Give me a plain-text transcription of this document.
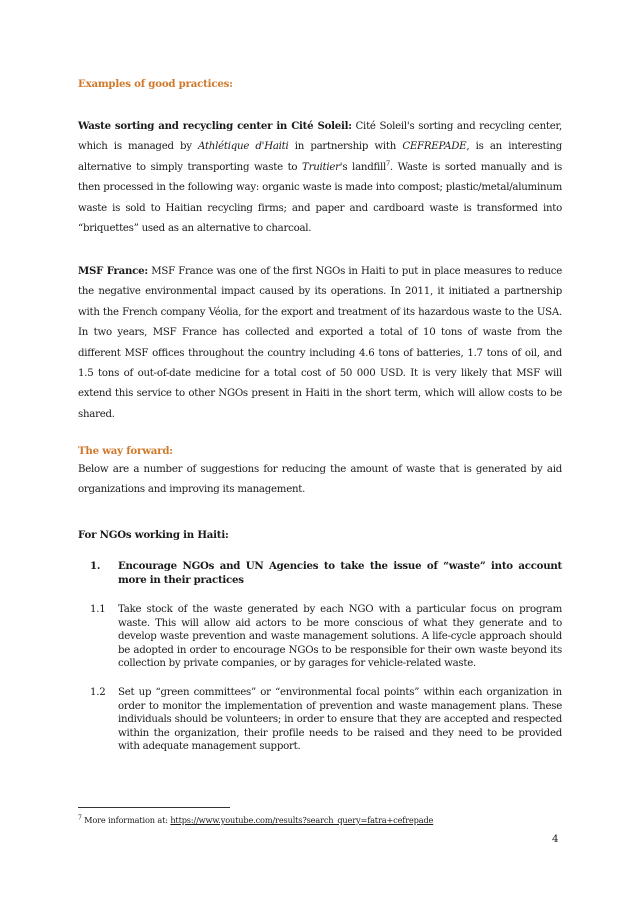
Examples of good practices:

Waste sorting and recycling center in Cité Soleil: Cité Soleil's sorting and recycling center, which is managed by Athlétique d'Haiti in partnership with CEFREPADE, is an interesting alternative to simply transporting waste to Truitier's landfill$^7$. Waste is sorted manually and is then processed in the following way: organic waste is made into compost; plastic/metal/aluminum waste is sold to Haitian recycling firms; and paper and cardboard waste is transformed into “briquettes” used as an alternative to charcoal.

MSF France: MSF France was one of the first NGOs in Haiti to put in place measures to reduce the negative environmental impact caused by its operations. In 2011, it initiated a partnership with the French company Véolia, for the export and treatment of its hazardous waste to the USA. In two years, MSF France has collected and exported a total of 10 tons of waste from the different MSF offices throughout the country including 4.6 tons of batteries, 1.7 tons of oil, and 1.5 tons of out-of-date medicine for a total cost of 50 000 USD. It is very likely that MSF will extend this service to other NGOs present in Haiti in the short term, which will allow costs to be shared.

The way forward:

Below are a number of suggestions for reducing the amount of waste that is generated by aid organizations and improving its management.

For NGOs working in Haiti:

1. Encourage NGOs and UN Agencies to take the issue of “waste” into account more in their practices
1.1 Take stock of the waste generated by each NGO with a particular focus on program waste. This will allow aid actors to be more conscious of what they generate and to develop waste prevention and waste management solutions. A life-cycle approach should be adopted in order to encourage NGOs to be responsible for their own waste beyond its collection by private companies, or by garages for vehicle-related waste.
1.2 Set up “green committees” or “environmental focal points” within each organization in order to monitor the implementation of prevention and waste management plans. These individuals should be volunteers; in order to ensure that they are accepted and respected within the organization, their profile needs to be raised and they need to be provided with adequate management support.
$^7$ More information at: https://www.youtube.com/results?search_query=fatra+cefrepade
4
